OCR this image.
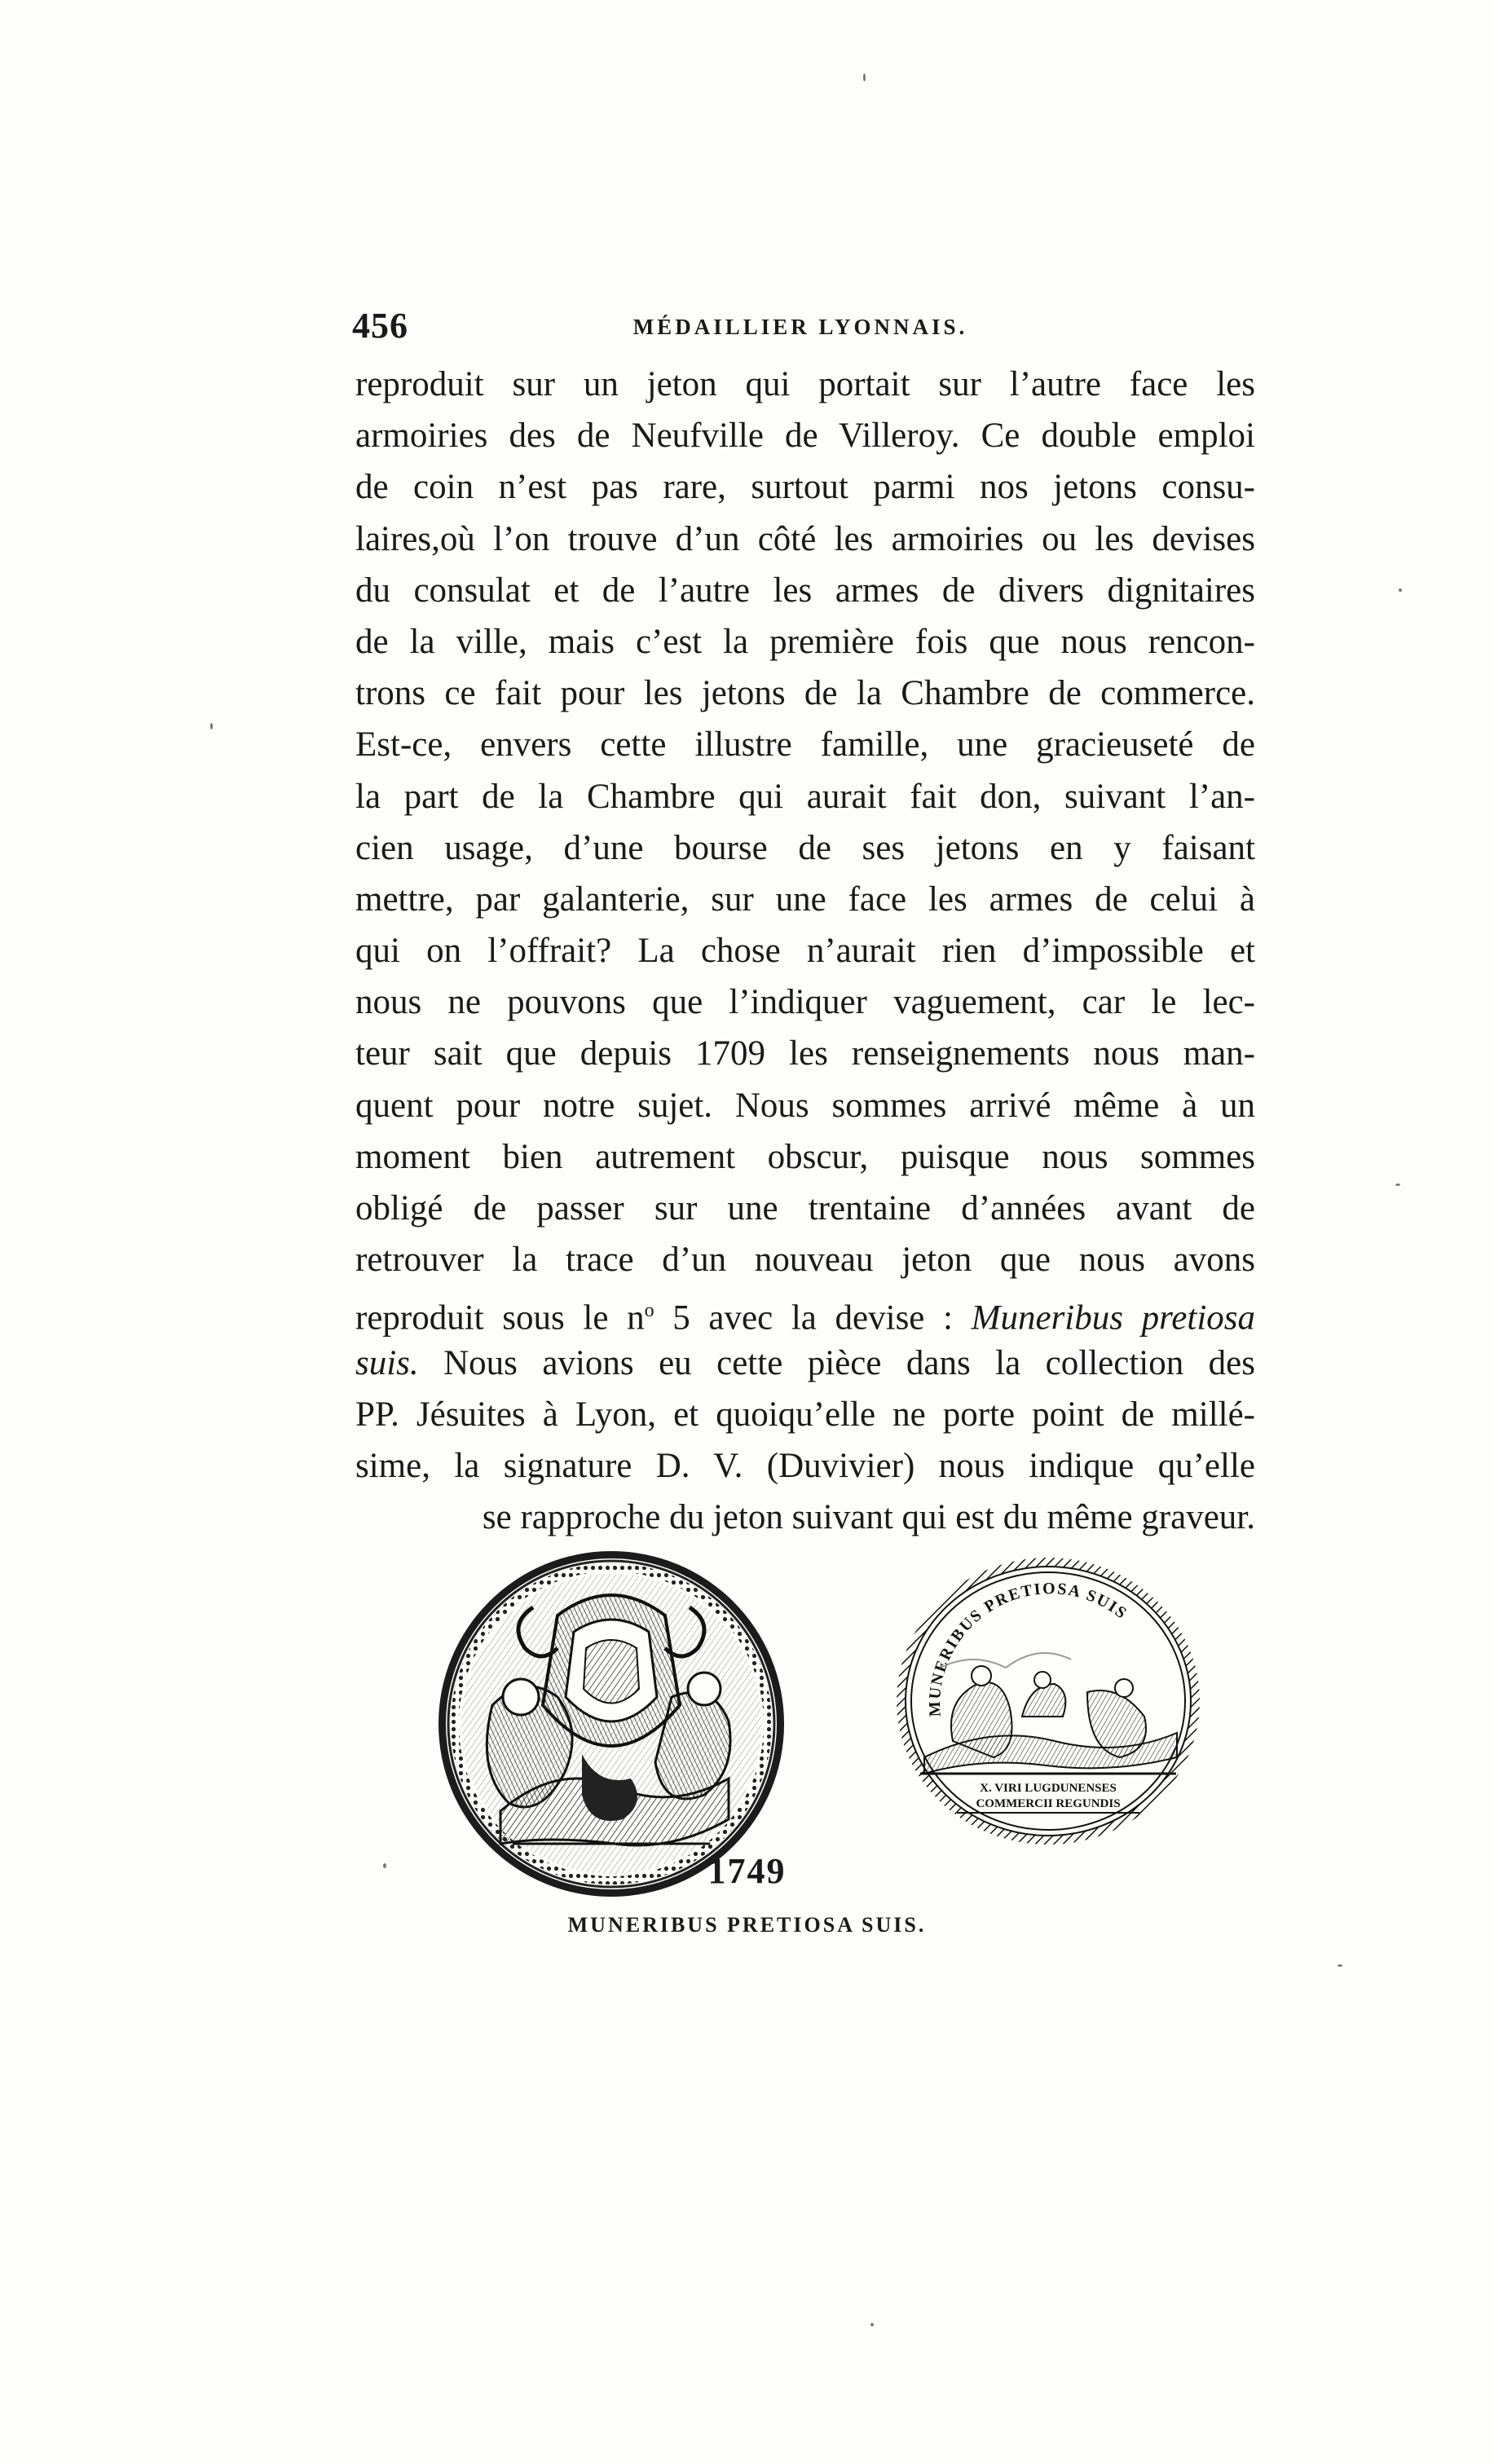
456	MÉDAILLIER LYONNAIS.
reproduit sur un jeton qui portait sur l’autre face les
armoiries des de Neufville de Villeroy. Ce double emploi
de coin n’est pas rare, surtout parmi nos jetons consu-
laires,où l’on trouve d’un côté les armoiries ou les devises
du consulat et de l’autre les armes de divers dignitaires
de la ville, mais c’est la première fois que nous rencon-
trons ce fait pour les jetons de la Chambre de commerce.
Est-ce, envers cette illustre famille, une gracieuseté de
la part de la Chambre qui aurait fait don, suivant l’an-
cien usage, d’une bourse de ses jetons en y faisant
mettre, par galanterie, sur une face les armes de celui à
qui on l’offrait? La chose n’aurait rien d’impossible et
nous ne pouvons que l’indiquer vaguement, car le lec-
teur sait que depuis 1709 les renseignements nous man-
quent pour notre sujet. Nous sommes arrivé même à un
moment bien autrement obscur, puisque nous sommes
obligé de passer sur une trentaine d’années avant de
retrouver la trace d’un nouveau jeton que nous avons
reproduit sous le $n^o$ 5 avec la devise : Muneribus pretiosa
suis. Nous avions eu cette pièce dans la collection des
PP. Jésuites à Lyon, et quoiqu’elle ne porte point de millé-
sime, la signature D. V. (Duvivier) nous indique qu’elle
se rapproche du jeton suivant qui est du même graveur.
MUNERIBUS PRETIOSA SUIS
X. VIRI LUGDUNENSES
COMMERCII REGUNDIS
1749
MUNERIBUS PRETIOSA SUIS.
